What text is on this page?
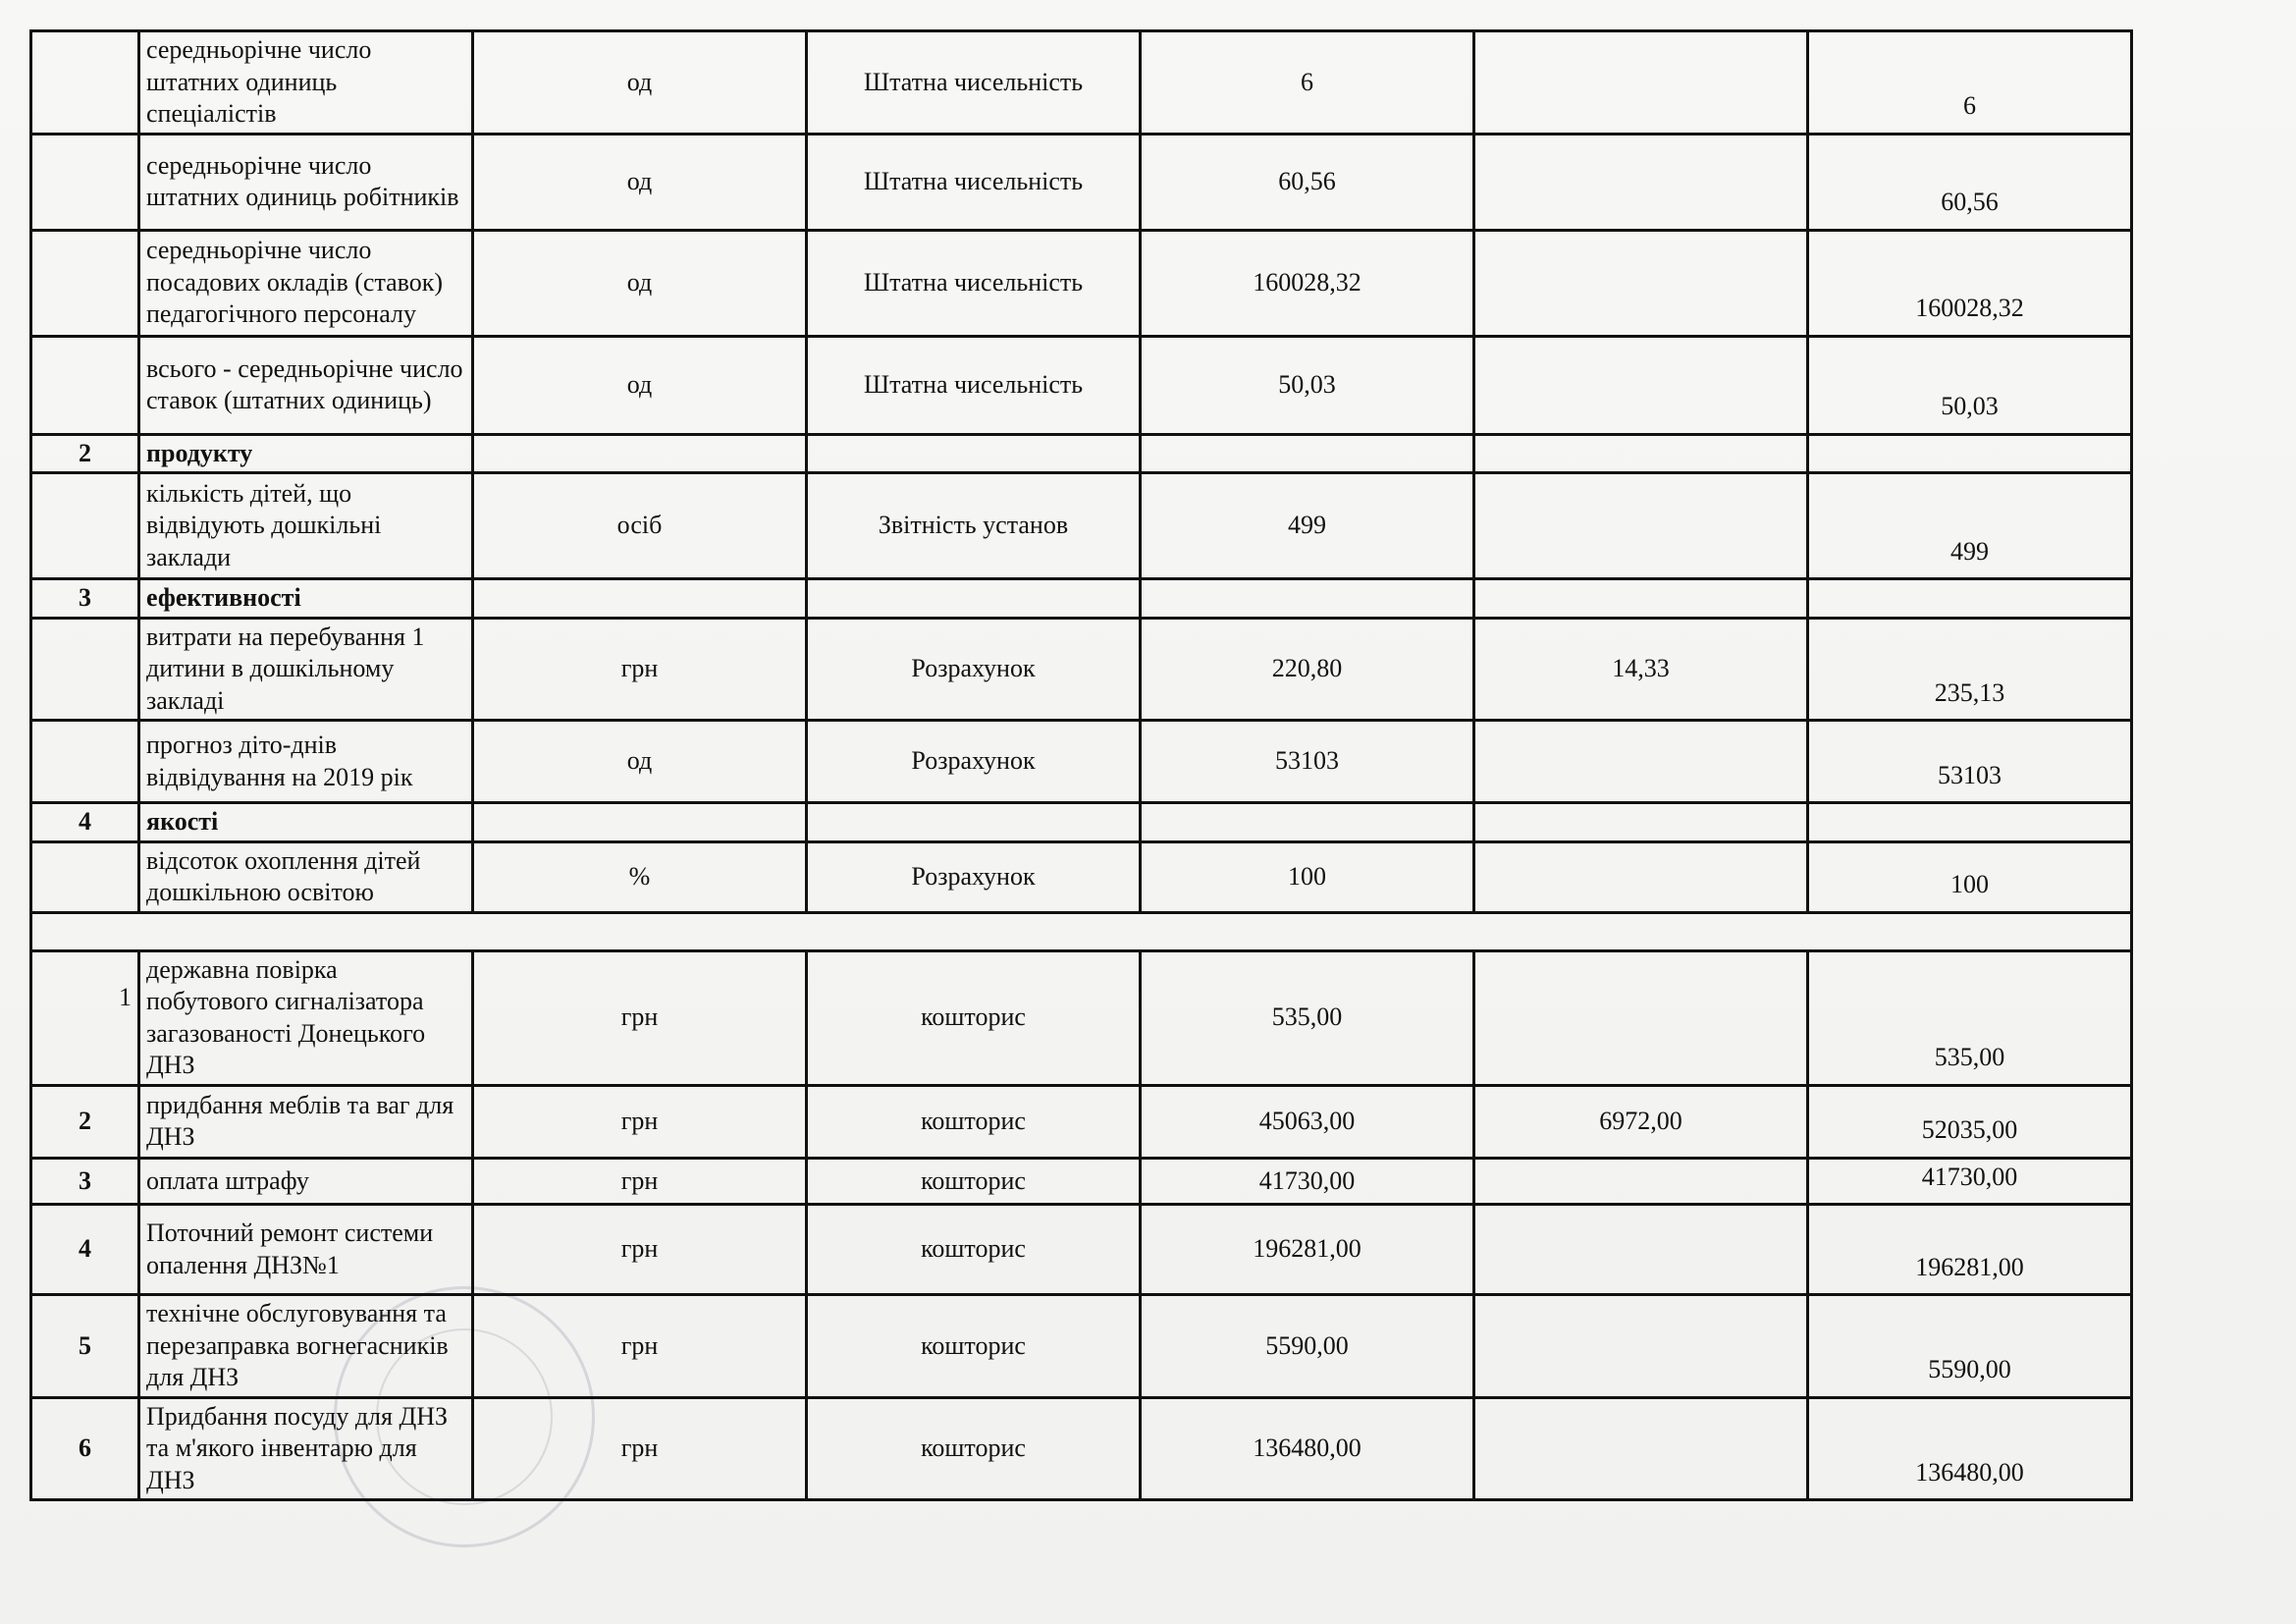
	середньорічне число штатних одиниць спеціалістів	од	Штатна чисельність	6		6
	середньорічне число штатних одиниць робітників	од	Штатна чисельність	60,56		60,56
	середньорічне число посадових окладів (ставок) педагогічного персоналу	од	Штатна чисельність	160028,32		160028,32
	всього - середньорічне число ставок (штатних одиниць)	од	Штатна чисельність	50,03		50,03
2	продукту					
	кількість дітей, що відвідують дошкільні заклади	осіб	Звітність установ	499		499
3	ефективності					
	витрати на перебування 1 дитини в дошкільному закладі	грн	Розрахунок	220,80	14,33	235,13
	прогноз діто-днів відвідування на 2019 рік	од	Розрахунок	53103		53103
4	якості					
	відсоток охоплення дітей дошкільною освітою	%	Розрахунок	100		100

1	державна повірка побутового сигналізатора загазованості Донецького ДНЗ	грн	кошторис	535,00		535,00
2	придбання меблів та ваг для ДНЗ	грн	кошторис	45063,00	6972,00	52035,00
3	оплата штрафу	грн	кошторис	41730,00		41730,00
4	Поточний ремонт системи опалення ДНЗ№1	грн	кошторис	196281,00		196281,00
5	технічне обслуговування та перезаправка вогнегасників для ДНЗ	грн	кошторис	5590,00		5590,00
6	Придбання посуду для ДНЗ та м'якого інвентарю для ДНЗ	грн	кошторис	136480,00		136480,00
